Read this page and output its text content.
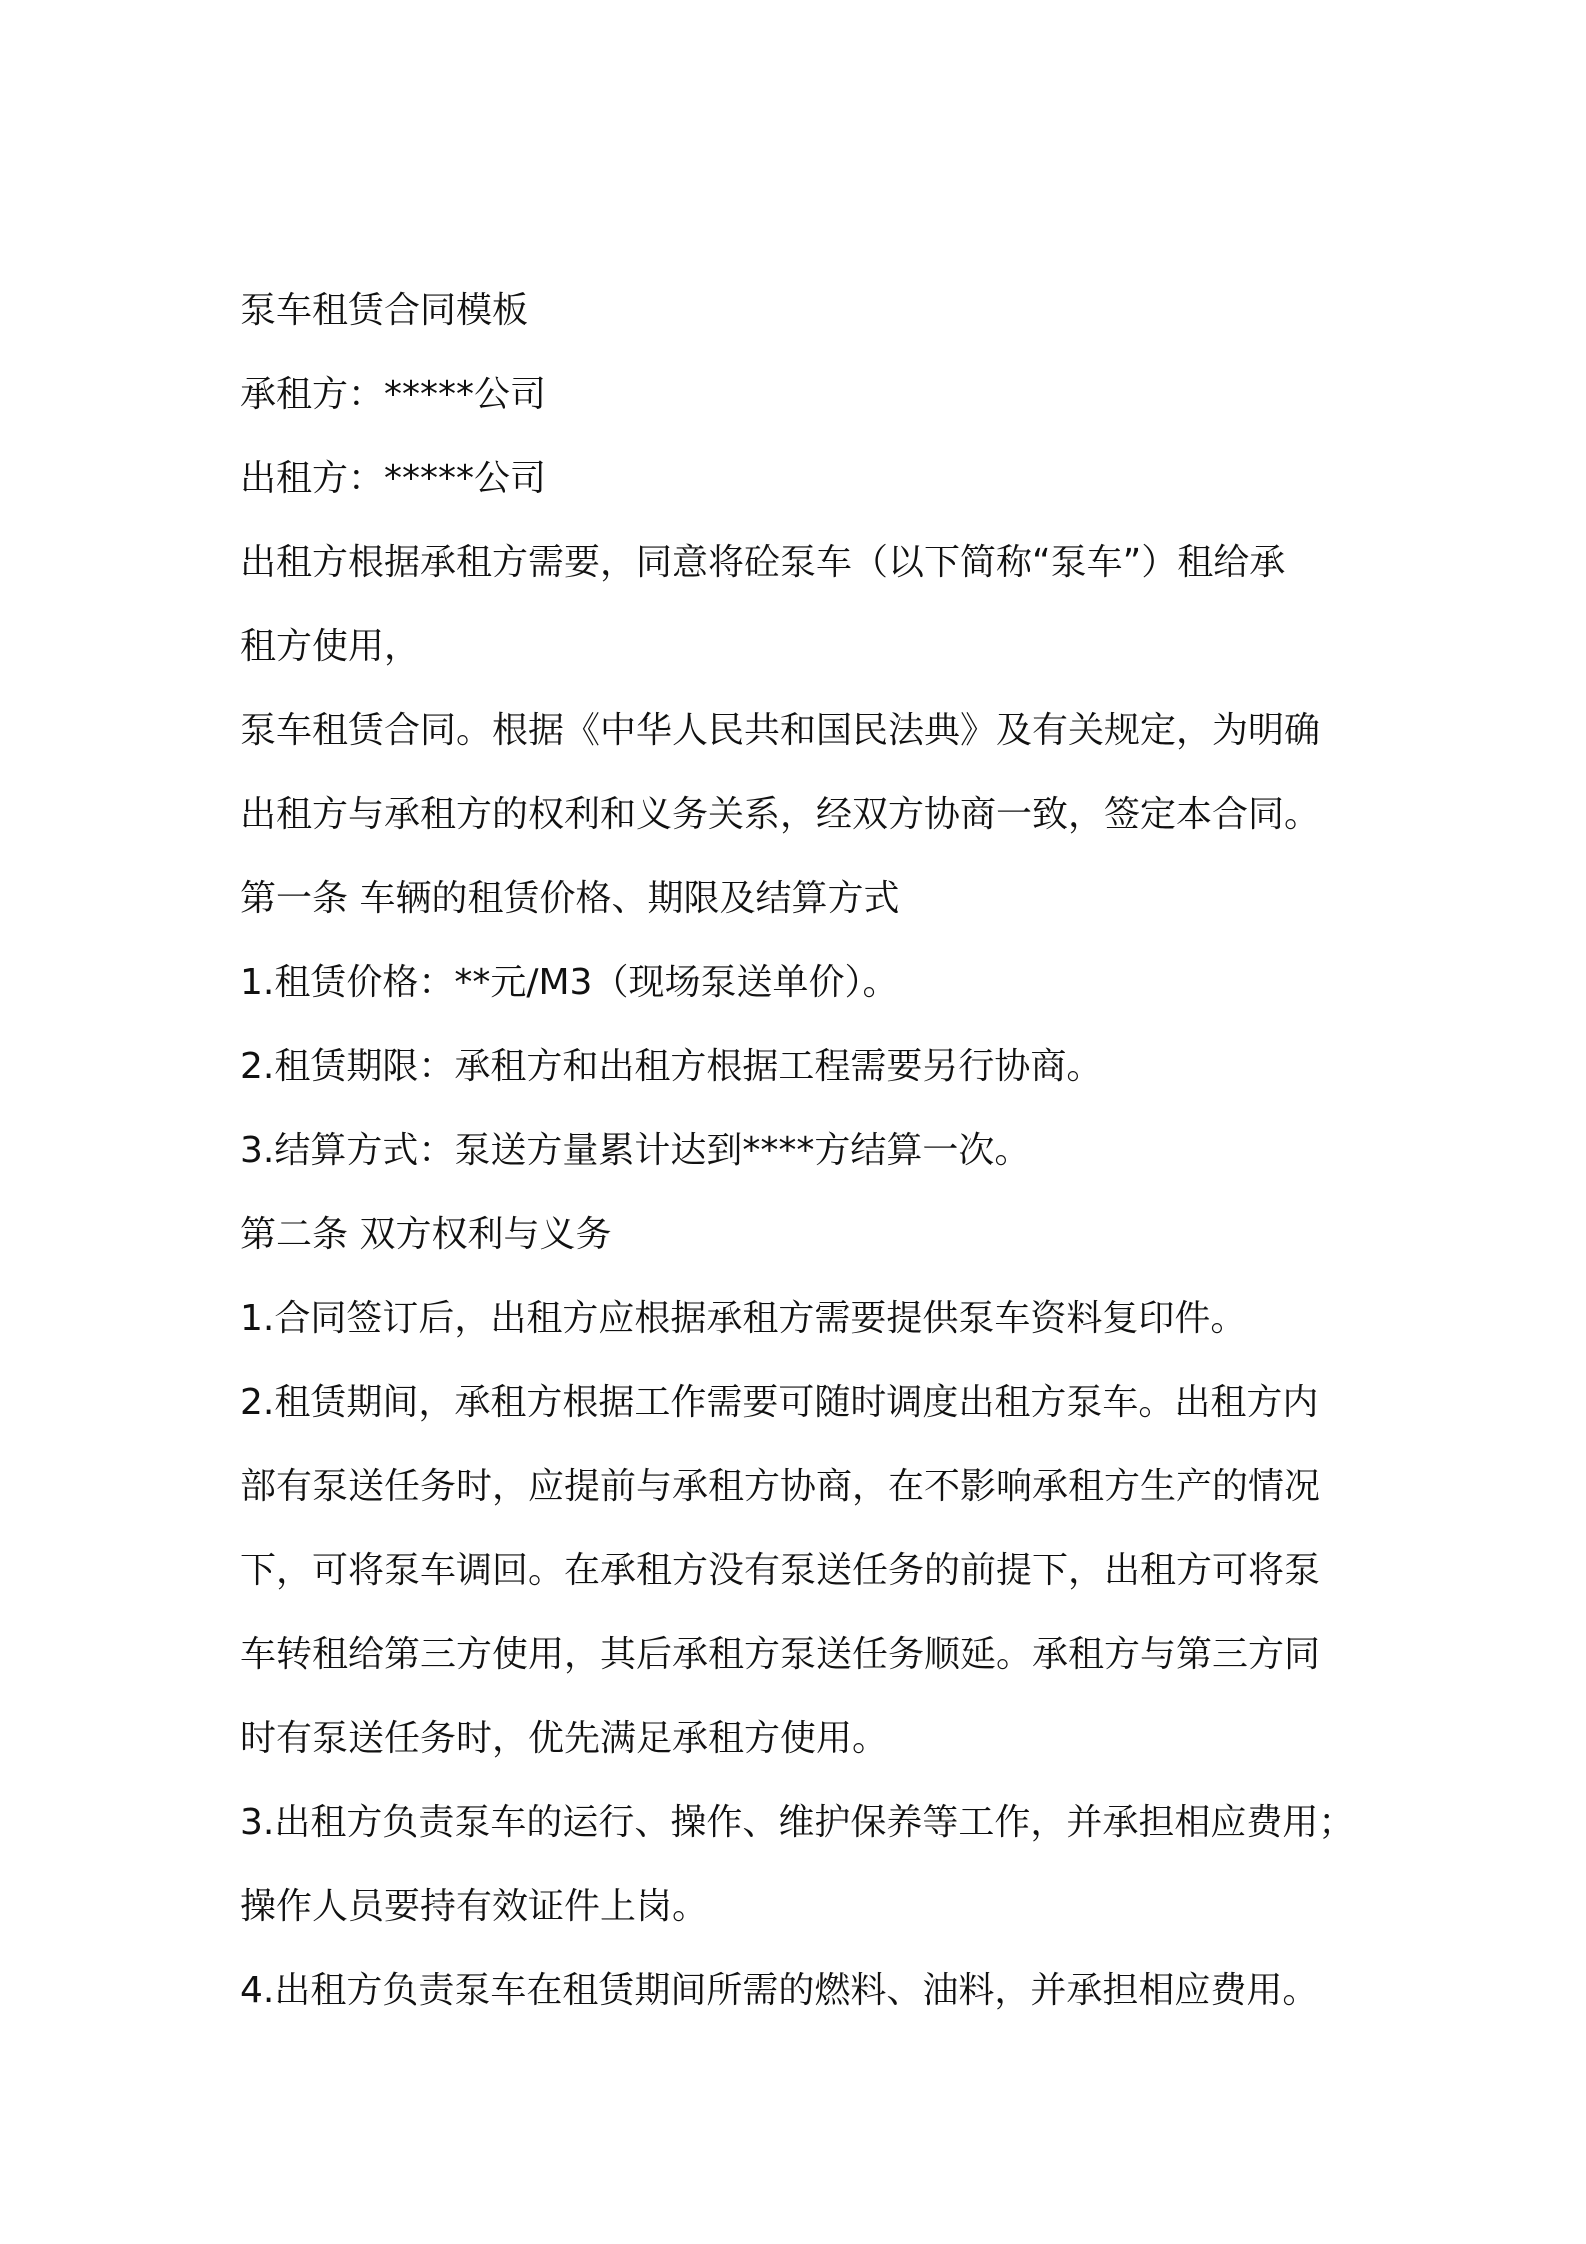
泵车租赁合同模板
承租方：*****公司
出租方：*****公司
出租方根据承租方需要，同意将砼泵车（以下简称“泵车”）租给承
租方使用，
泵车租赁合同。根据《中华人民共和国民法典》及有关规定，为明确
出租方与承租方的权利和义务关系，经双方协商一致，签定本合同。
第一条 车辆的租赁价格、期限及结算方式
1.租赁价格：**元/M3（现场泵送单价）。
2.租赁期限：承租方和出租方根据工程需要另行协商。
3.结算方式：泵送方量累计达到****方结算一次。
第二条 双方权利与义务
1.合同签订后，出租方应根据承租方需要提供泵车资料复印件。
2.租赁期间，承租方根据工作需要可随时调度出租方泵车。出租方内
部有泵送任务时，应提前与承租方协商，在不影响承租方生产的情况
下，可将泵车调回。在承租方没有泵送任务的前提下，出租方可将泵
车转租给第三方使用，其后承租方泵送任务顺延。承租方与第三方同
时有泵送任务时，优先满足承租方使用。
3.出租方负责泵车的运行、操作、维护保养等工作，并承担相应费用；
操作人员要持有效证件上岗。
4.出租方负责泵车在租赁期间所需的燃料、油料，并承担相应费用。
